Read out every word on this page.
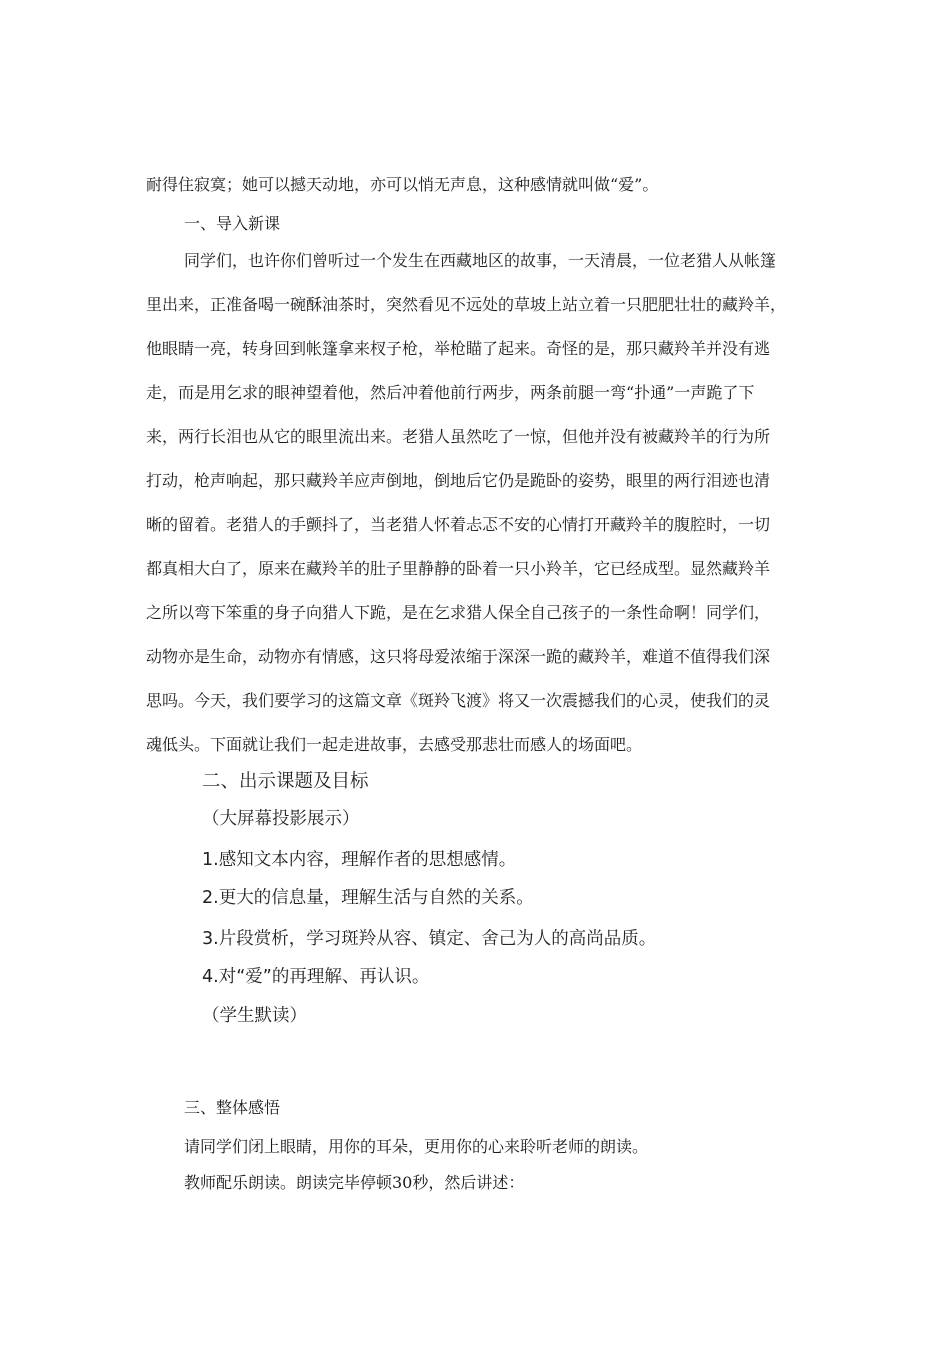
耐得住寂寞；她可以撼天动地，亦可以悄无声息，这种感情就叫做“爱”。
一、导入新课
同学们，也许你们曾听过一个发生在西藏地区的故事，一天清晨，一位老猎人从帐篷
里出来，正准备喝一碗酥油茶时，突然看见不远处的草坡上站立着一只肥肥壮壮的藏羚羊，
他眼睛一亮，转身回到帐篷拿来杈子枪，举枪瞄了起来。奇怪的是，那只藏羚羊并没有逃
走，而是用乞求的眼神望着他，然后冲着他前行两步，两条前腿一弯“扑通”一声跪了下
来，两行长泪也从它的眼里流出来。老猎人虽然吃了一惊，但他并没有被藏羚羊的行为所
打动，枪声响起，那只藏羚羊应声倒地，倒地后它仍是跪卧的姿势，眼里的两行泪迹也清
晰的留着。老猎人的手颤抖了，当老猎人怀着忐忑不安的心情打开藏羚羊的腹腔时，一切
都真相大白了，原来在藏羚羊的肚子里静静的卧着一只小羚羊，它已经成型。显然藏羚羊
之所以弯下笨重的身子向猎人下跪，是在乞求猎人保全自己孩子的一条性命啊！同学们，
动物亦是生命，动物亦有情感，这只将母爱浓缩于深深一跪的藏羚羊，难道不值得我们深
思吗。今天，我们要学习的这篇文章《斑羚飞渡》将又一次震撼我们的心灵，使我们的灵
魂低头。下面就让我们一起走进故事，去感受那悲壮而感人的场面吧。
二、出示课题及目标
（大屏幕投影展示）
1.感知文本内容，理解作者的思想感情。
2.更大的信息量，理解生活与自然的关系。
3.片段赏析，学习斑羚从容、镇定、舍己为人的高尚品质。
4.对“爱”的再理解、再认识。
（学生默读）
三、整体感悟
请同学们闭上眼睛，用你的耳朵，更用你的心来聆听老师的朗读。
教师配乐朗读。朗读完毕停顿30秒，然后讲述：
